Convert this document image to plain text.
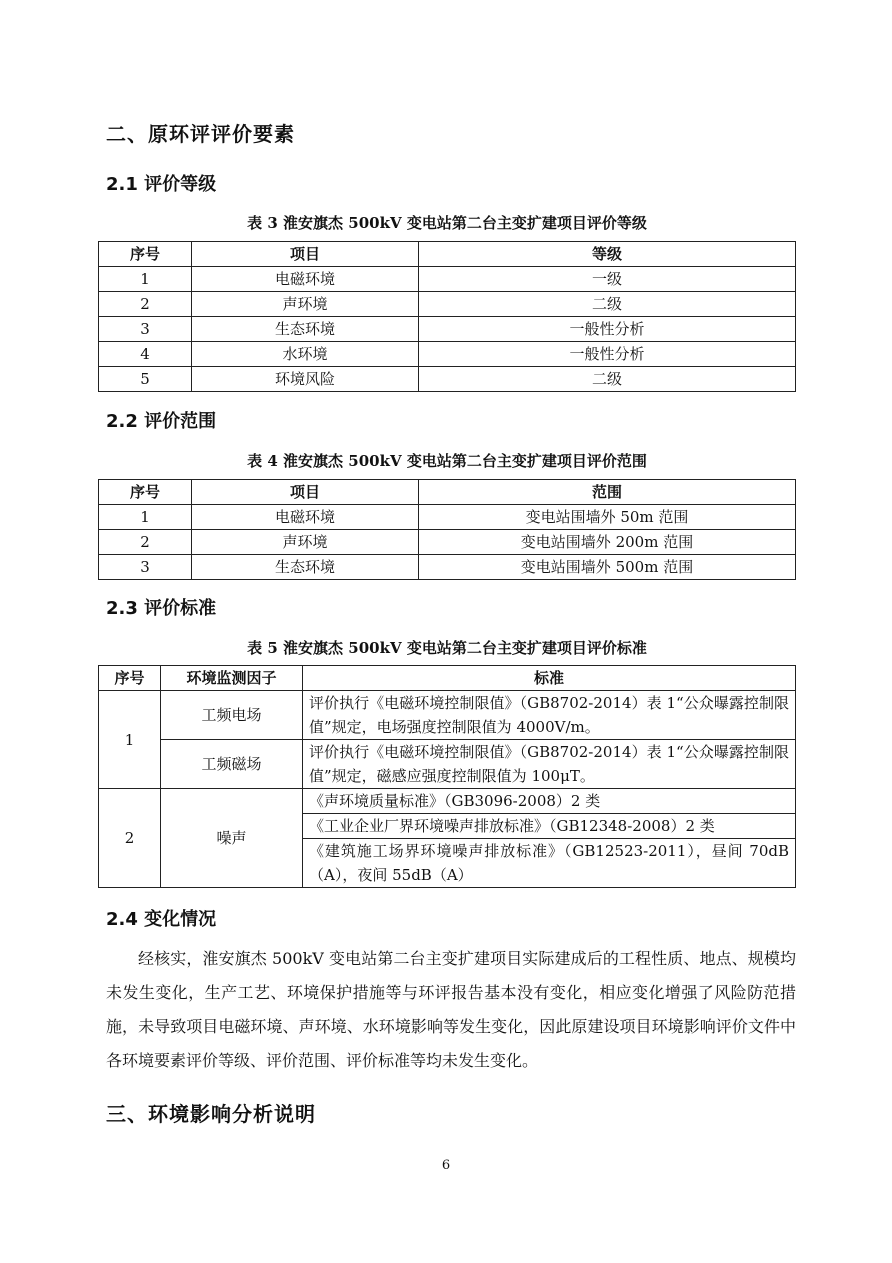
二、原环评评价要素
2.1 评价等级
表 3 淮安旗杰 500kV 变电站第二台主变扩建项目评价等级
序号	项目	等级
1	电磁环境	一级
2	声环境	二级
3	生态环境	一般性分析
4	水环境	一般性分析
5	环境风险	二级
2.2 评价范围
表 4 淮安旗杰 500kV 变电站第二台主变扩建项目评价范围
序号	项目	范围
1	电磁环境	变电站围墙外 50m 范围
2	声环境	变电站围墙外 200m 范围
3	生态环境	变电站围墙外 500m 范围
2.3 评价标准
表 5 淮安旗杰 500kV 变电站第二台主变扩建项目评价标准
序号	环境监测因子	标准
1	工频电场	评价执行《电磁环境控制限值》（GB8702-2014）表 1“公众曝露控制限值”规定，电场强度控制限值为 4000V/m。
	工频磁场	评价执行《电磁环境控制限值》（GB8702-2014）表 1“公众曝露控制限值”规定，磁感应强度控制限值为 100μT。
2	噪声	《声环境质量标准》（GB3096-2008）2 类
		《工业企业厂界环境噪声排放标准》（GB12348-2008）2 类
		《建筑施工场界环境噪声排放标准》（GB12523-2011），昼间 70dB（A），夜间 55dB（A）
2.4 变化情况

经核实，淮安旗杰 500kV 变电站第二台主变扩建项目实际建成后的工程性质、地点、规模均未发生变化，生产工艺、环境保护措施等与环评报告基本没有变化，相应变化增强了风险防范措施，未导致项目电磁环境、声环境、水环境影响等发生变化，因此原建设项目环境影响评价文件中各环境要素评价等级、评价范围、评价标准等均未发生变化。

三、环境影响分析说明
6
